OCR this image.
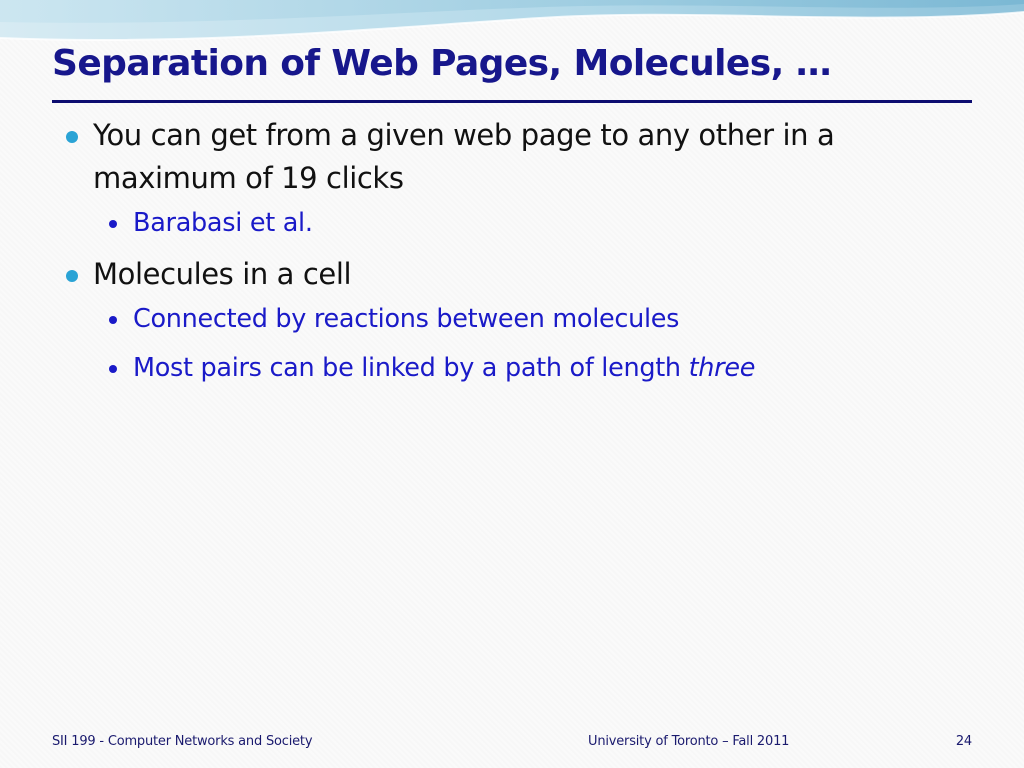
Separation of Web Pages, Molecules, …
You can get from a given web page to any other in a maximum of 19 clicks
Barabasi et al.
Molecules in a cell
Connected by reactions between molecules
Most pairs can be linked by a path of length three
SII 199 - Computer Networks and Society	University of Toronto – Fall 2011	24
